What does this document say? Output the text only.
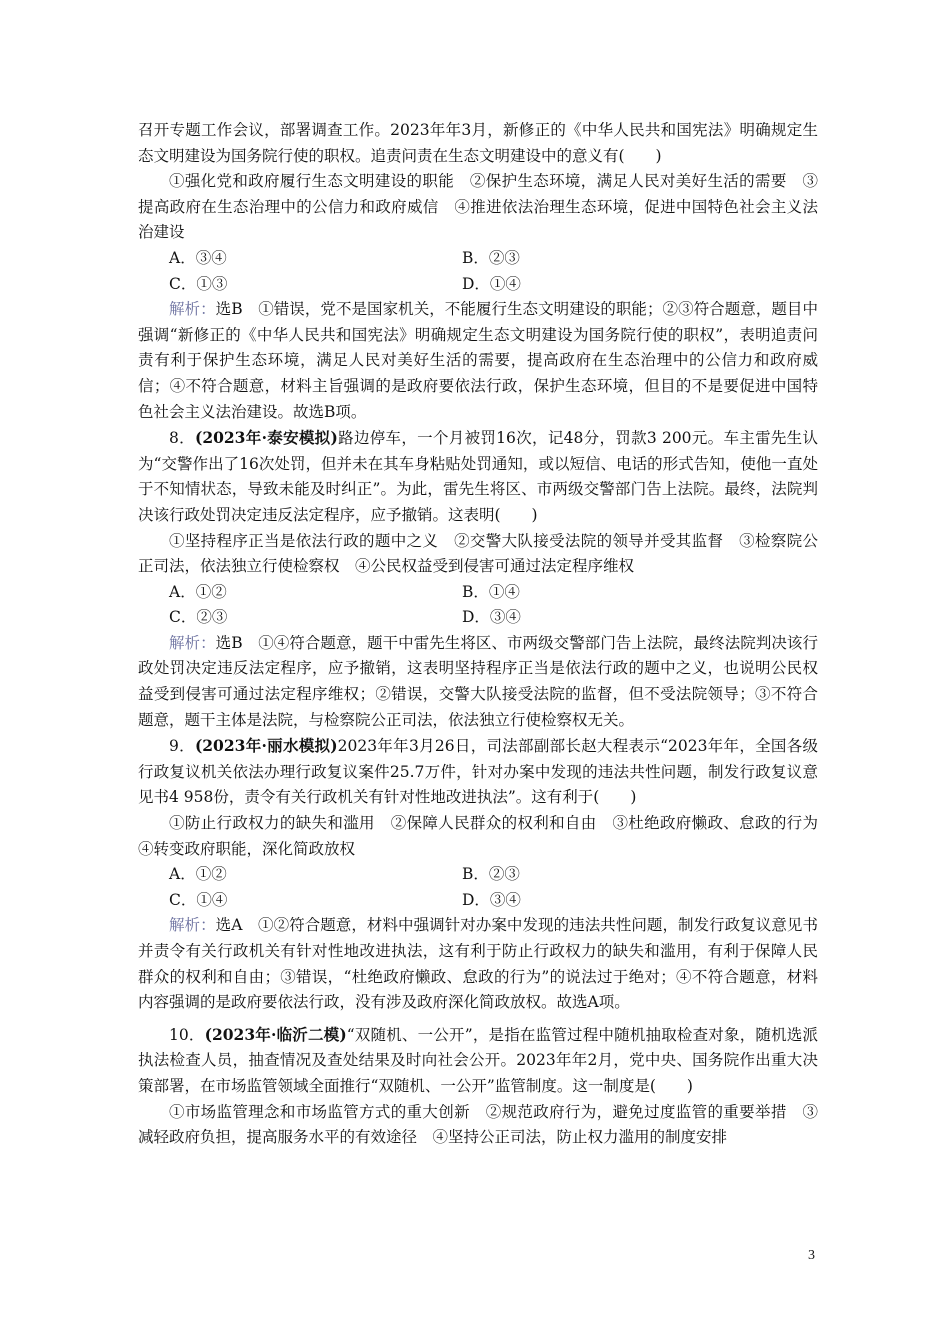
召开专题工作会议，部署调查工作。2023年年3月，新修正的《中华人民共和国宪法》明确规定生态文明建设为国务院行使的职权。追责问责在生态文明建设中的意义有(　　)
①强化党和政府履行生态文明建设的职能　②保护生态环境，满足人民对美好生活的需要　③提高政府在生态治理中的公信力和政府威信　④推进依法治理生态环境，促进中国特色社会主义法治建设
A．③④	B．②③
C．①③	D．①④
解析：选B　①错误，党不是国家机关，不能履行生态文明建设的职能；②③符合题意，题目中强调“新修正的《中华人民共和国宪法》明确规定生态文明建设为国务院行使的职权”，表明追责问责有利于保护生态环境，满足人民对美好生活的需要，提高政府在生态治理中的公信力和政府威信；④不符合题意，材料主旨强调的是政府要依法行政，保护生态环境，但目的不是要促进中国特色社会主义法治建设。故选B项。
8．(2023年·泰安模拟)路边停车，一个月被罚16次，记48分，罚款3 200元。车主雷先生认为“交警作出了16次处罚，但并未在其车身粘贴处罚通知，或以短信、电话的形式告知，使他一直处于不知情状态，导致未能及时纠正”。为此，雷先生将区、市两级交警部门告上法院。最终，法院判决该行政处罚决定违反法定程序，应予撤销。这表明(　　)
①坚持程序正当是依法行政的题中之义　②交警大队接受法院的领导并受其监督　③检察院公正司法，依法独立行使检察权　④公民权益受到侵害可通过法定程序维权
A．①②	B．①④
C．②③	D．③④
解析：选B　①④符合题意，题干中雷先生将区、市两级交警部门告上法院，最终法院判决该行政处罚决定违反法定程序，应予撤销，这表明坚持程序正当是依法行政的题中之义，也说明公民权益受到侵害可通过法定程序维权；②错误，交警大队接受法院的监督，但不受法院领导；③不符合题意，题干主体是法院，与检察院公正司法，依法独立行使检察权无关。
9．(2023年·丽水模拟)2023年年3月26日，司法部副部长赵大程表示“2023年年，全国各级行政复议机关依法办理行政复议案件25.7万件，针对办案中发现的违法共性问题，制发行政复议意见书4 958份，责令有关行政机关有针对性地改进执法”。这有利于(　　)
①防止行政权力的缺失和滥用　②保障人民群众的权利和自由　③杜绝政府懒政、怠政的行为　④转变政府职能，深化简政放权
A．①②	B．②③
C．①④	D．③④
解析：选A　①②符合题意，材料中强调针对办案中发现的违法共性问题，制发行政复议意见书并责令有关行政机关有针对性地改进执法，这有利于防止行政权力的缺失和滥用，有利于保障人民群众的权利和自由；③错误，“杜绝政府懒政、怠政的行为”的说法过于绝对；④不符合题意，材料内容强调的是政府要依法行政，没有涉及政府深化简政放权。故选A项。
10．(2023年·临沂二模)“双随机、一公开”，是指在监管过程中随机抽取检查对象，随机选派执法检查人员，抽查情况及查处结果及时向社会公开。2023年年2月，党中央、国务院作出重大决策部署，在市场监管领域全面推行“双随机、一公开”监管制度。这一制度是(　　)
①市场监管理念和市场监管方式的重大创新　②规范政府行为，避免过度监管的重要举措　③减轻政府负担，提高服务水平的有效途径　④坚持公正司法，防止权力滥用的制度安排
3
